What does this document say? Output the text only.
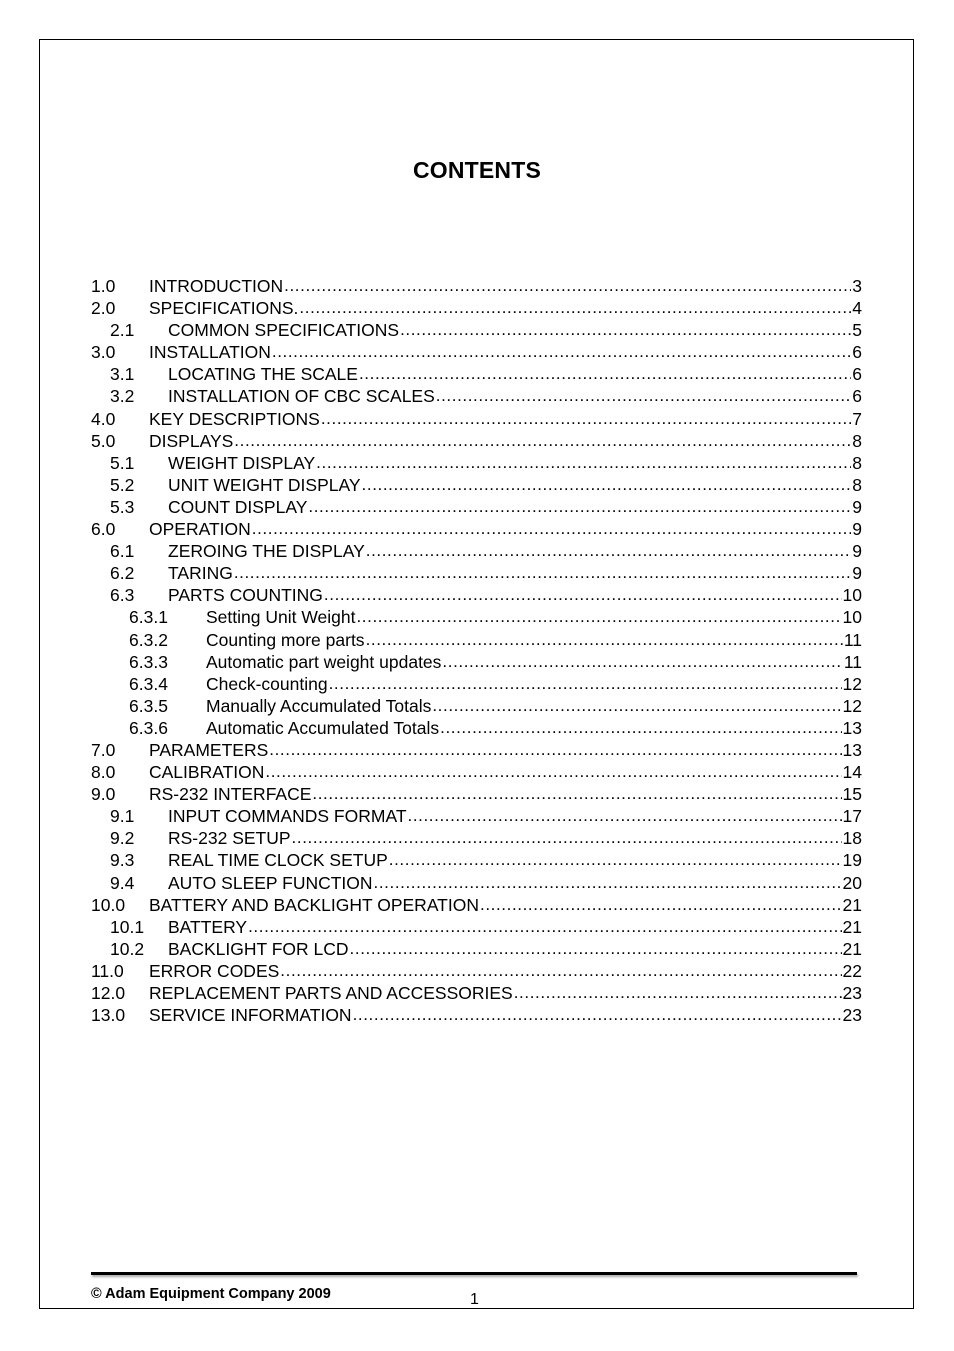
CONTENTS
1.0	INTRODUCTION .....	3
2.0	SPECIFICATIONS. .....	4
2.1	COMMON SPECIFICATIONS .....	5
3.0	INSTALLATION .....	6
3.1	LOCATING THE SCALE .....	6
3.2	INSTALLATION OF CBC SCALES .....	6
4.0	KEY DESCRIPTIONS .....	7
5.0	DISPLAYS .....	8
5.1	WEIGHT DISPLAY .....	8
5.2	UNIT WEIGHT DISPLAY .....	8
5.3	COUNT DISPLAY .....	9
6.0	OPERATION .....	9
6.1	ZEROING THE DISPLAY .....	9
6.2	TARING .....	9
6.3	PARTS COUNTING .....	10
6.3.1	Setting Unit Weight .....	10
6.3.2	Counting more parts .....	11
6.3.3	Automatic part weight updates .....	11
6.3.4	Check-counting .....	12
6.3.5	Manually Accumulated Totals .....	12
6.3.6	Automatic Accumulated Totals .....	13
7.0	PARAMETERS .....	13
8.0	CALIBRATION .....	14
9.0	RS-232 INTERFACE .....	15
9.1	INPUT COMMANDS FORMAT .....	17
9.2	RS-232 SETUP .....	18
9.3	REAL TIME CLOCK SETUP .....	19
9.4	AUTO SLEEP FUNCTION .....	20
10.0	BATTERY AND BACKLIGHT OPERATION .....	21
10.1	BATTERY .....	21
10.2	BACKLIGHT FOR LCD .....	21
11.0	ERROR CODES .....	22
12.0	REPLACEMENT PARTS AND ACCESSORIES .....	23
13.0	SERVICE INFORMATION .....	23
© Adam Equipment Company 2009	1
